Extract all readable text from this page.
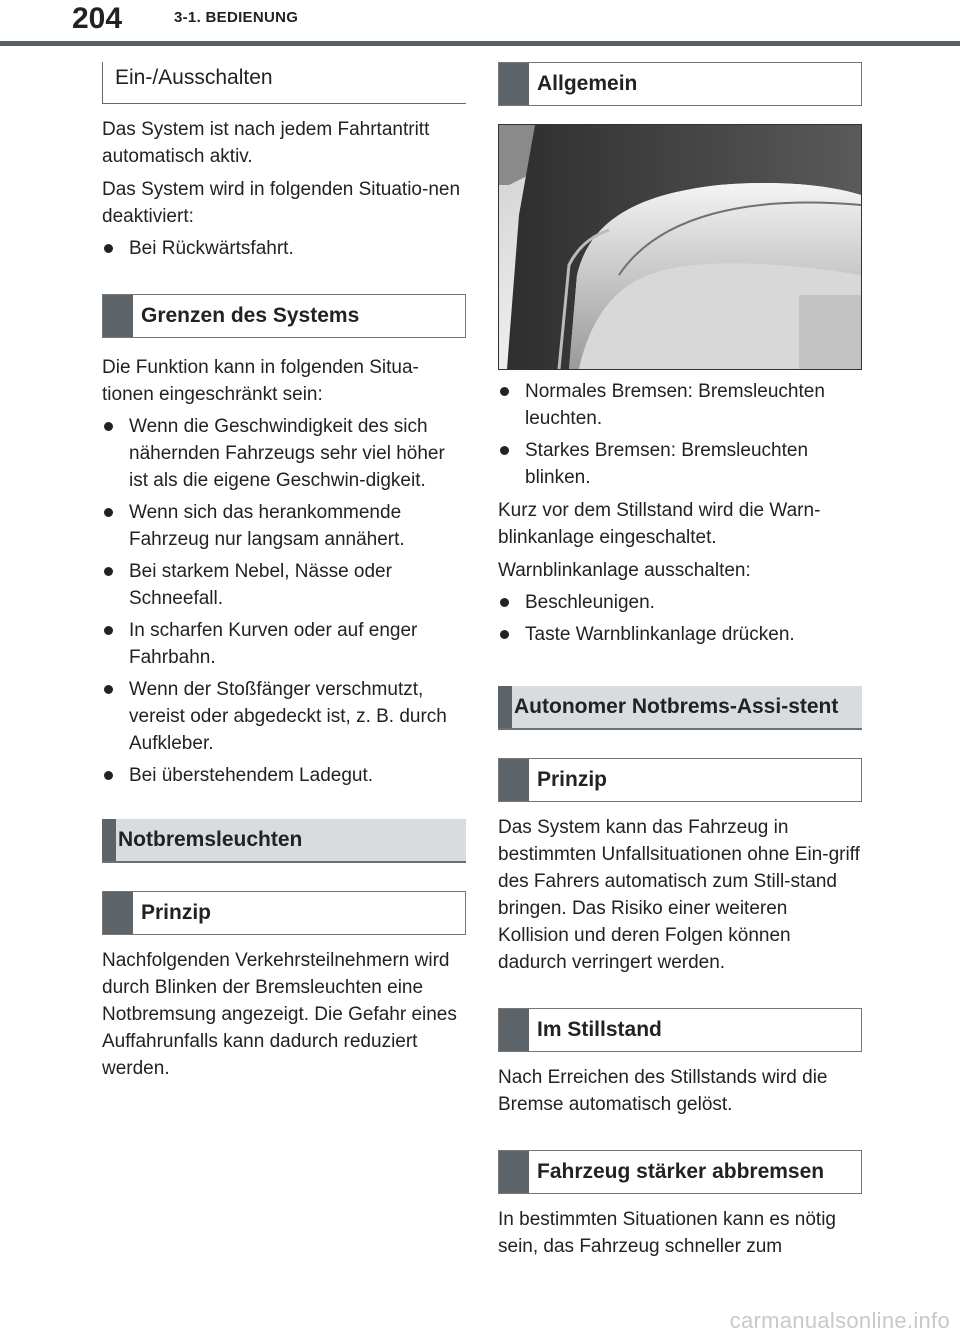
204	3-1. BEDIENUNG
Ein-/Ausschalten

Das System ist nach jedem Fahrtantritt automatisch aktiv.

Das System wird in folgenden Situatio-nen deaktiviert:

Bei Rückwärtsfahrt.
Grenzen des Systems

Die Funktion kann in folgenden Situa-tionen eingeschränkt sein:

Wenn die Geschwindigkeit des sich nähernden Fahrzeugs sehr viel höher ist als die eigene Geschwin-digkeit.
Wenn sich das herankommende Fahrzeug nur langsam annähert.
Bei starkem Nebel, Nässe oder Schneefall.
In scharfen Kurven oder auf enger Fahrbahn.
Wenn der Stoßfänger verschmutzt, vereist oder abgedeckt ist, z. B. durch Aufkleber.
Bei überstehendem Ladegut.
Notbremsleuchten
Prinzip

Nachfolgenden Verkehrsteilnehmern wird durch Blinken der Bremsleuchten eine Notbremsung angezeigt. Die Gefahr eines Auffahrunfalls kann dadurch reduziert werden.

Allgemein
Normales Bremsen: Bremsleuchten leuchten.
Starkes Bremsen: Bremsleuchten blinken.

Kurz vor dem Stillstand wird die Warn-blinkanlage eingeschaltet.

Warnblinkanlage ausschalten:

Beschleunigen.
Taste Warnblinkanlage drücken.
Autonomer Notbrems-Assi-stent
Prinzip

Das System kann das Fahrzeug in bestimmten Unfallsituationen ohne Ein-griff des Fahrers automatisch zum Still-stand bringen. Das Risiko einer weiteren Kollision und deren Folgen können dadurch verringert werden.

Im Stillstand

Nach Erreichen des Stillstands wird die Bremse automatisch gelöst.

Fahrzeug stärker abbremsen

In bestimmten Situationen kann es nötig sein, das Fahrzeug schneller zum

carmanualsonline.info
